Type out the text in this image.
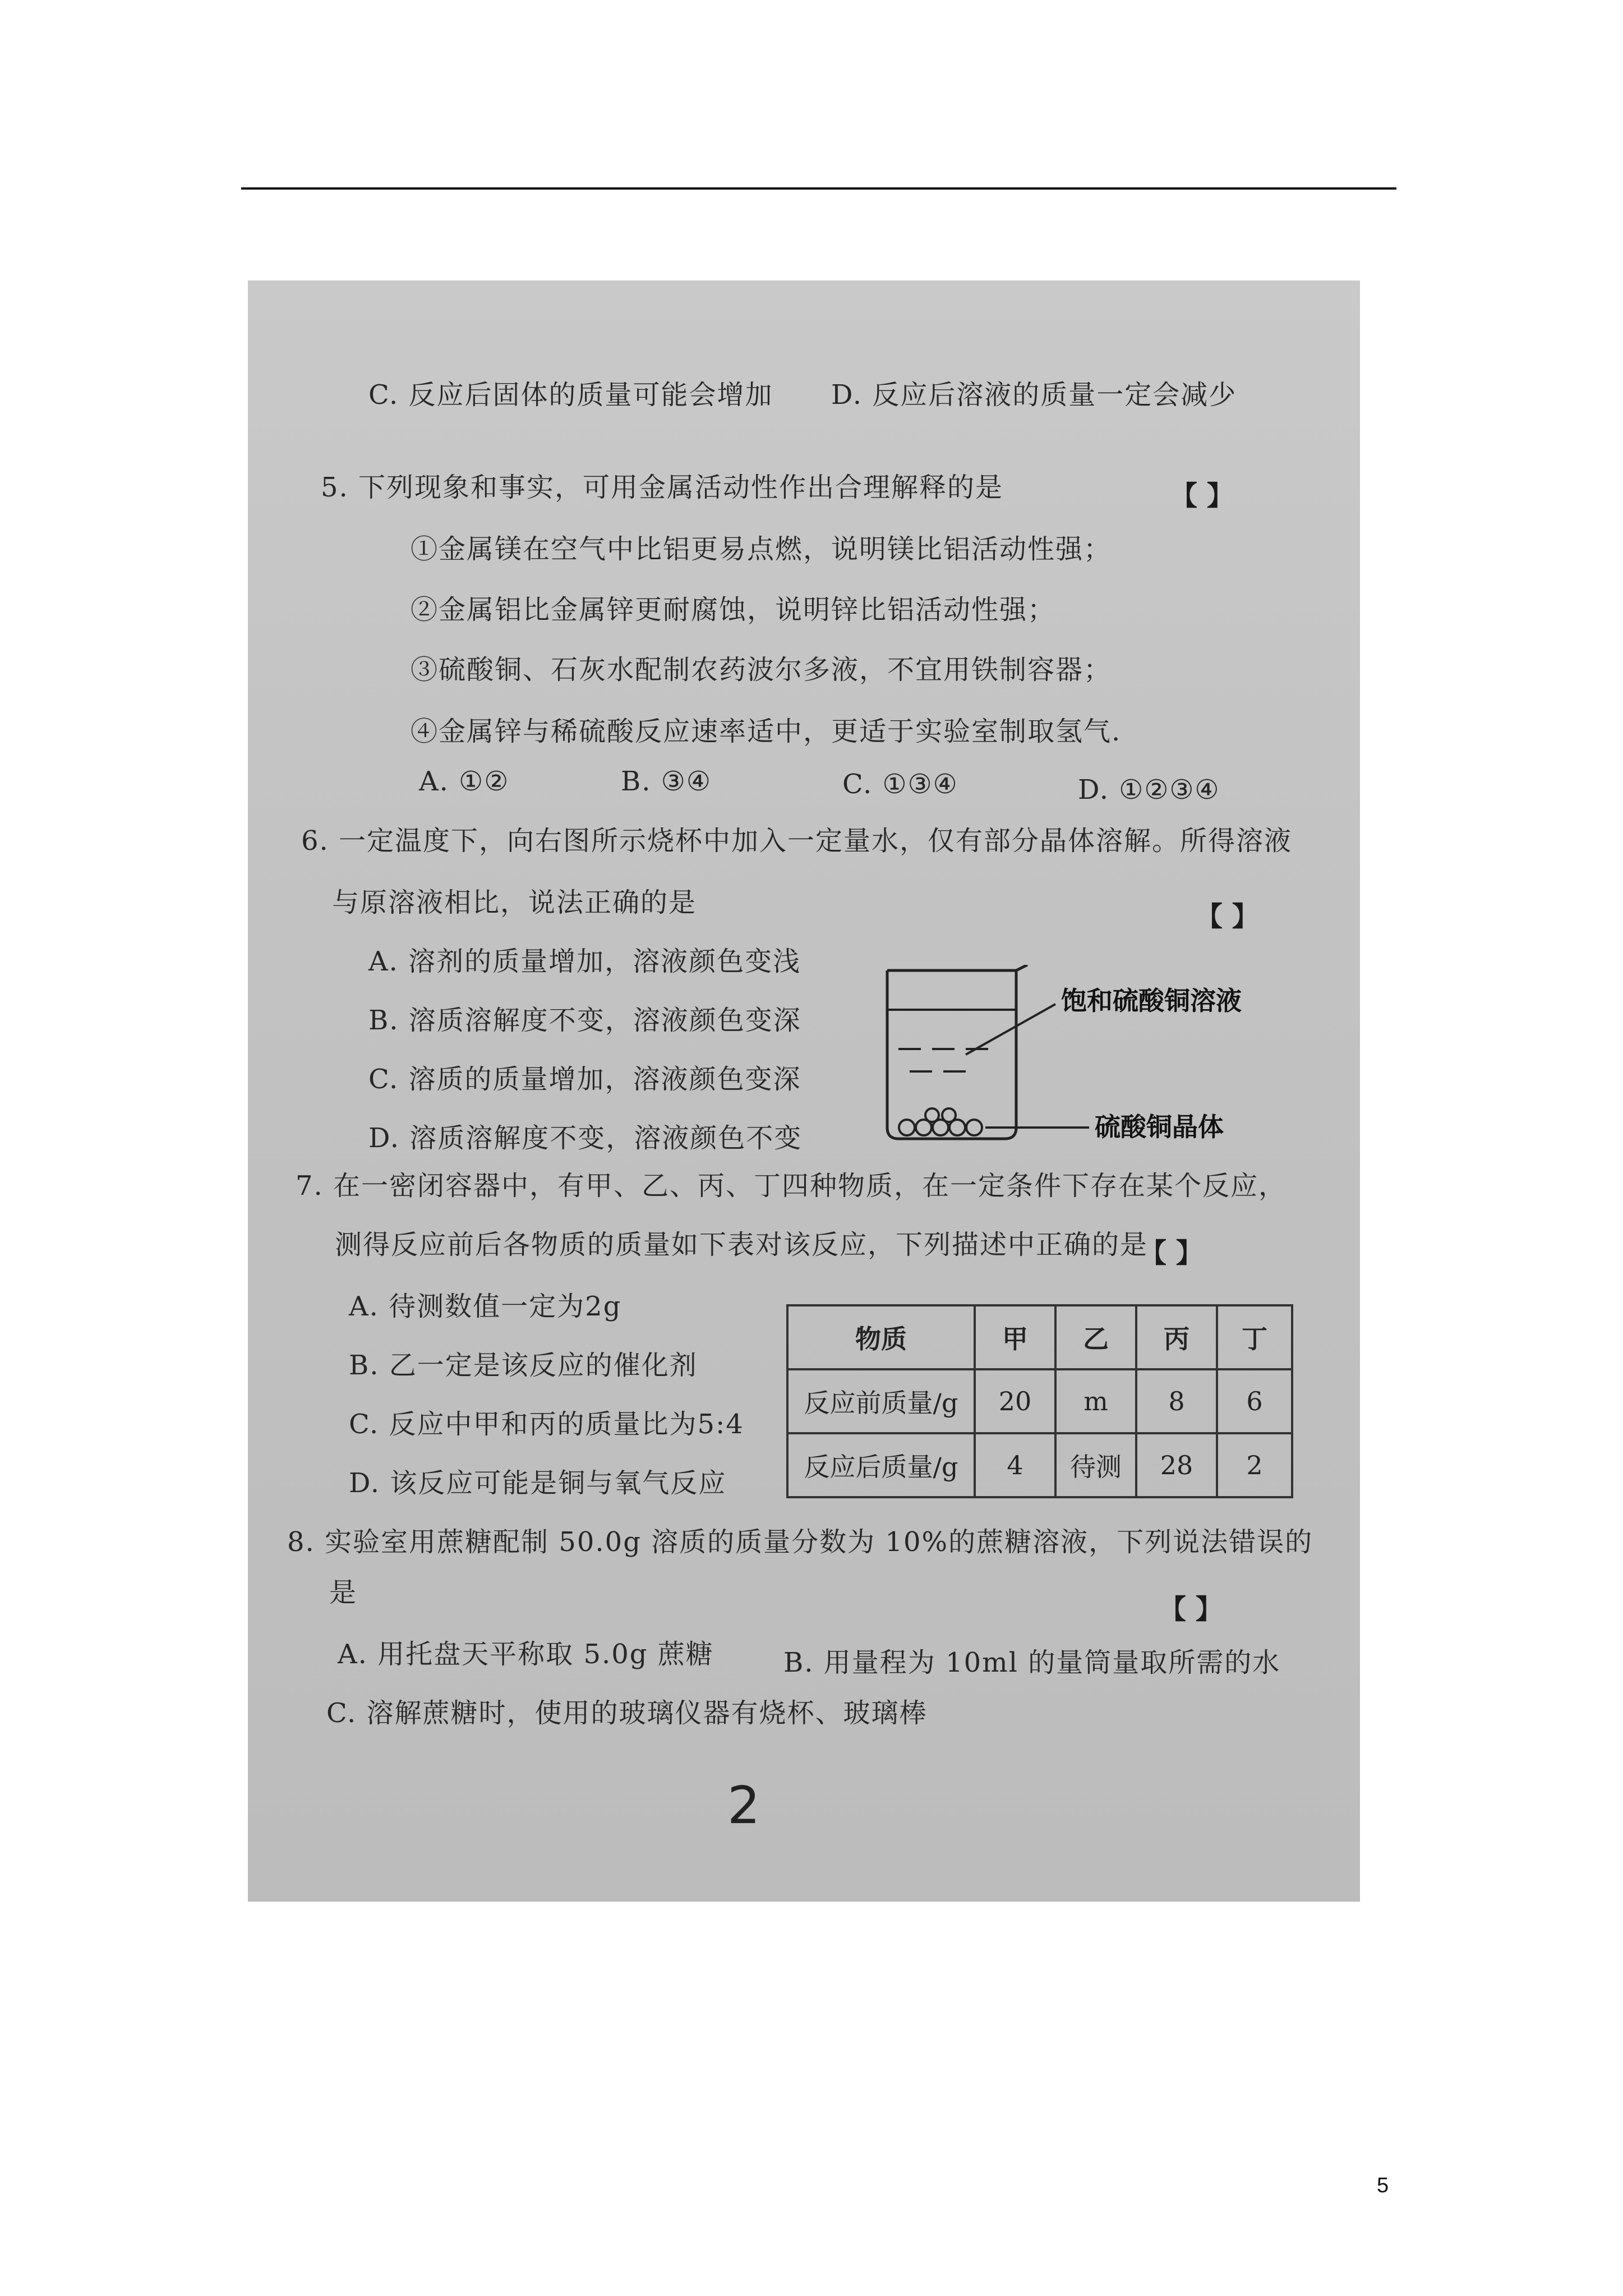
C. 反应后固体的质量可能会增加 D. 反应后溶液的质量一定会减少
5. 下列现象和事实，可用金属活动性作出合理解释的是	【 】
①金属镁在空气中比铝更易点燃，说明镁比铝活动性强；
②金属铝比金属锌更耐腐蚀，说明锌比铝活动性强；
③硫酸铜、石灰水配制农药波尔多液，不宜用铁制容器；
④金属锌与稀硫酸反应速率适中，更适于实验室制取氢气.
A. ①②	B. ③④	C. ①③④	D. ①②③④
6. 一定温度下，向右图所示烧杯中加入一定量水，仅有部分晶体溶解。所得溶液
与原溶液相比，说法正确的是	【 】
A. 溶剂的质量增加，溶液颜色变浅
B. 溶质溶解度不变，溶液颜色变深
C. 溶质的质量增加，溶液颜色变深
D. 溶质溶解度不变，溶液颜色不变
饱和硫酸铜溶液
硫酸铜晶体
7. 在一密闭容器中，有甲、乙、丙、丁四种物质，在一定条件下存在某个反应，
测得反应前后各物质的质量如下表对该反应，下列描述中正确的是
【 】
A. 待测数值一定为2g
B. 乙一定是该反应的催化剂
C. 反应中甲和丙的质量比为5:4
D. 该反应可能是铜与氧气反应
物质	甲	乙	丙	丁
反应前质量/g	20	m	8	6
反应后质量/g	4	待测	28	2
8. 实验室用蔗糖配制 50.0g 溶质的质量分数为 10%的蔗糖溶液，下列说法错误的
是
【 】
A. 用托盘天平称取 5.0g 蔗糖	B. 用量程为 10ml 的量筒量取所需的水
C. 溶解蔗糖时，使用的玻璃仪器有烧杯、玻璃棒
2
5
